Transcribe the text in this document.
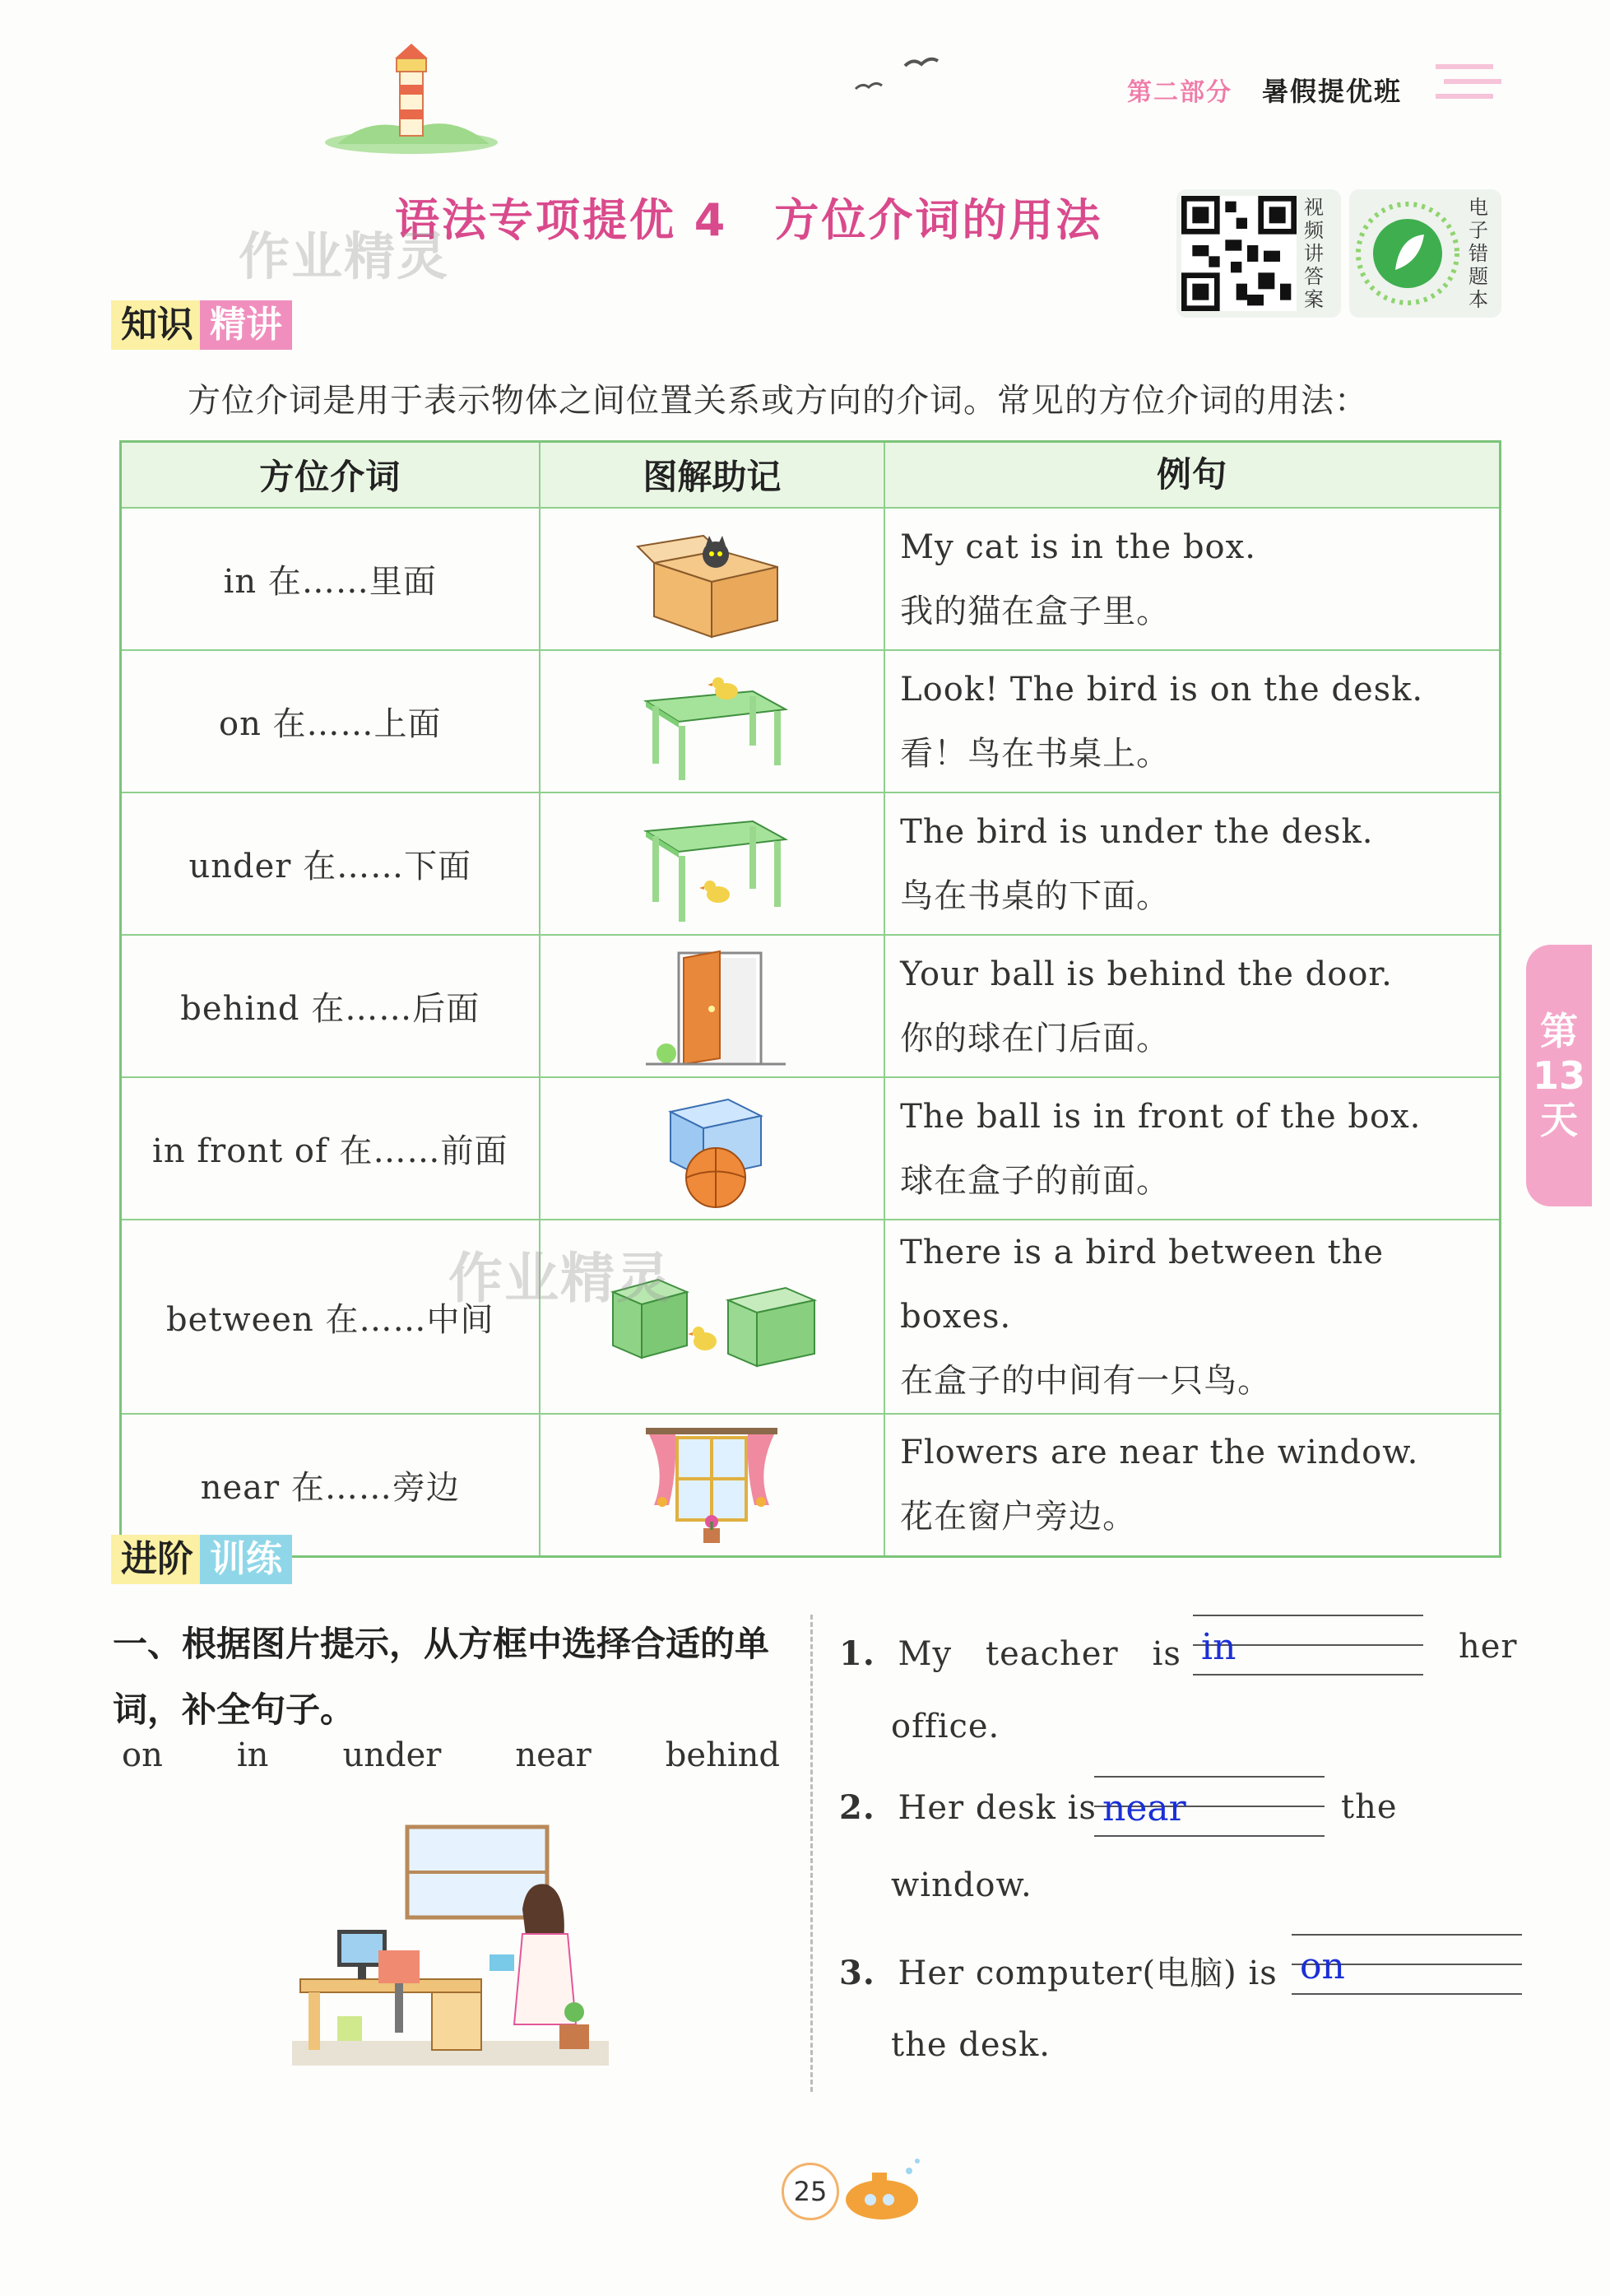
第二部分 暑假提优班
语法专项提优 4　方位介词的用法
作业精灵
视频讲答案
电子错题本
知识 精讲
方位介词是用于表示物体之间位置关系或方向的介词。常见的方位介词的用法：
方位介词	图解助记	例句
in 在……里面		My cat is in the box.
我的猫在盒子里。

on 在……上面		Look! The bird is on the desk.
看！鸟在书桌上。

under 在……下面		The bird is under the desk.
鸟在书桌的下面。

behind 在……后面		Your ball is behind the door.
你的球在门后面。

in front of 在……前面		The ball is in front of the box.
球在盒子的前面。

between 在……中间		There is a bird between the boxes.
在盒子的中间有一只鸟。

near 在……旁边		Flowers are near the window.
花在窗户旁边。
作业精灵
进阶 训练
一、根据图片提示，从方框中选择合适的单词，补全句子。
on in under near behind
1. My　teacher　is in	her
office.
2. Her desk is near	the
window.
3. Her computer(电脑) is on
the desk.
第
13
天
25
